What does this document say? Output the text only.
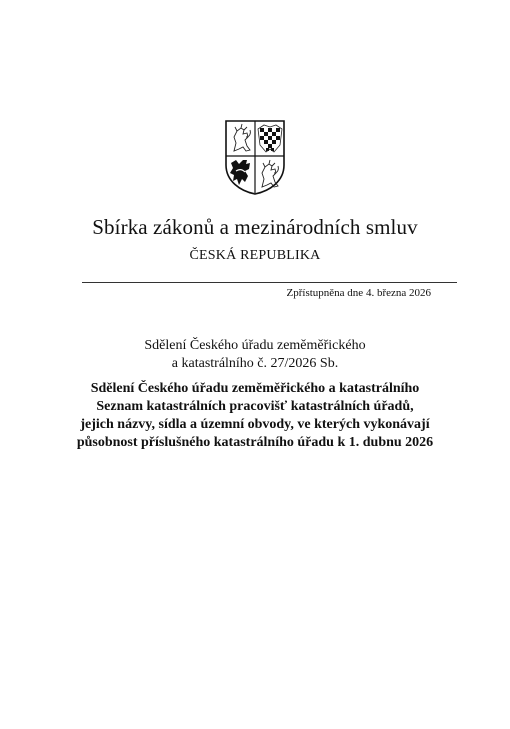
Sbírka zákonů a mezinárodních smluv
ČESKÁ REPUBLIKA
Zpřístupněna dne 4. března 2026
Sdělení Českého úřadu zeměměřického
a katastrálního č. 27/2026 Sb.
Sdělení Českého úřadu zeměměřického a katastrálního
Seznam katastrálních pracovišť katastrálních úřadů,
jejich názvy, sídla a územní obvody, ve kterých vykonávají
působnost příslušného katastrálního úřadu k 1. dubnu 2026
